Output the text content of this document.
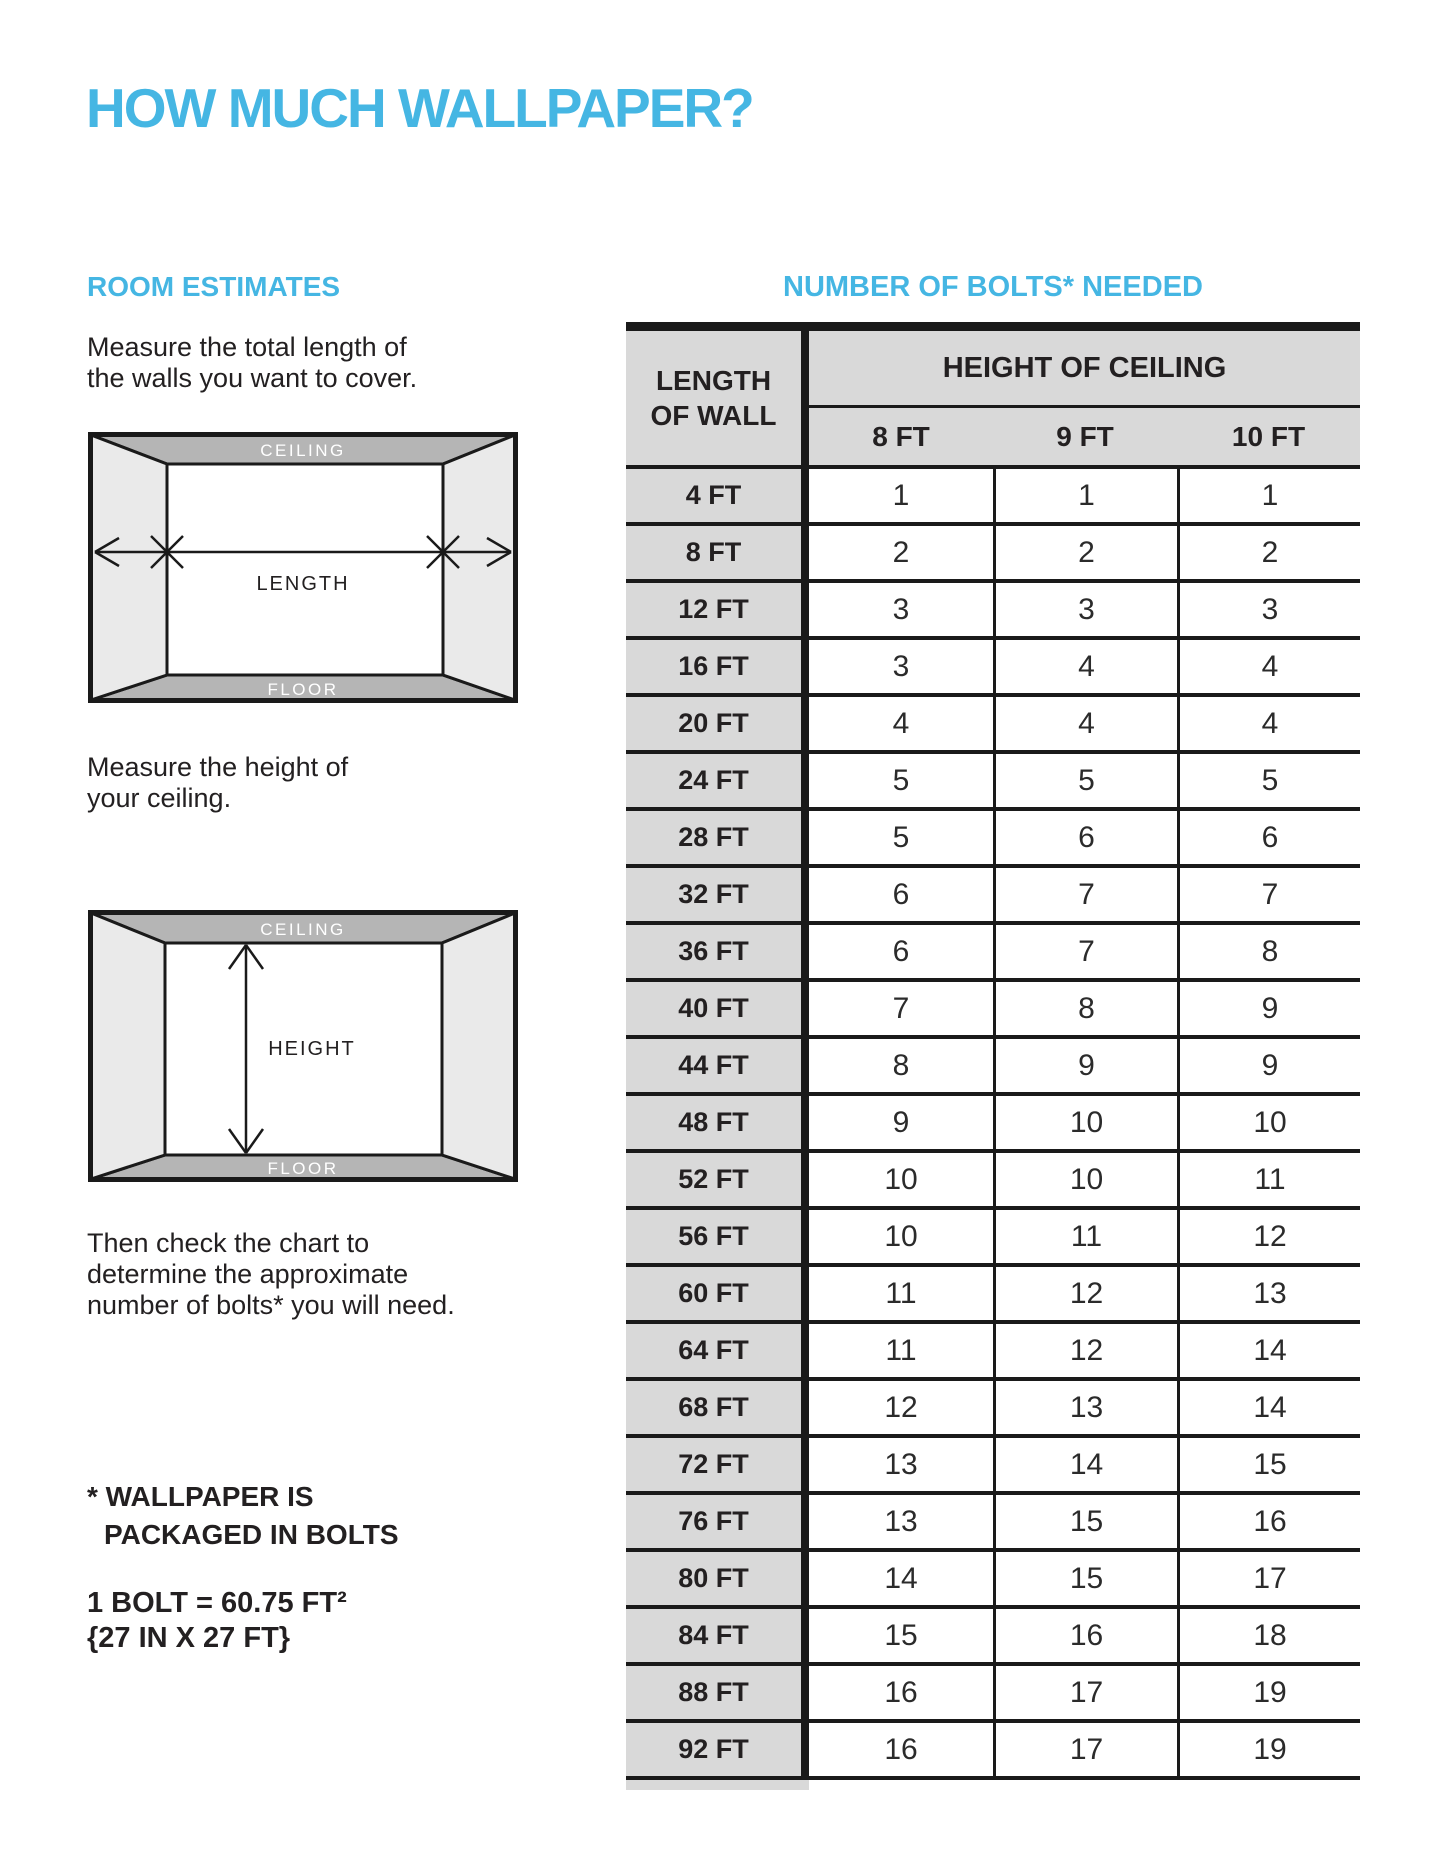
HOW MUCH WALLPAPER?
ROOM ESTIMATES
Measure the total length of
the walls you want to cover.
CEILING
LENGTH
FLOOR
Measure the height of
your ceiling.
CEILING
HEIGHT
FLOOR
Then check the chart to
determine the approximate
number of bolts* you will need.
* WALLPAPER IS
PACKAGED IN BOLTS
1 BOLT = 60.75 FT²
{27 IN X 27 FT}
NUMBER OF BOLTS* NEEDED
LENGTH
OF WALL
HEIGHT OF CEILING
8 FT	9 FT	10 FT
4 FT	1	1	1
8 FT	2	2	2
12 FT	3	3	3
16 FT	3	4	4
20 FT	4	4	4
24 FT	5	5	5
28 FT	5	6	6
32 FT	6	7	7
36 FT	6	7	8
40 FT	7	8	9
44 FT	8	9	9
48 FT	9	10	10
52 FT	10	10	11
56 FT	10	11	12
60 FT	11	12	13
64 FT	11	12	14
68 FT	12	13	14
72 FT	13	14	15
76 FT	13	15	16
80 FT	14	15	17
84 FT	15	16	18
88 FT	16	17	19
92 FT	16	17	19
